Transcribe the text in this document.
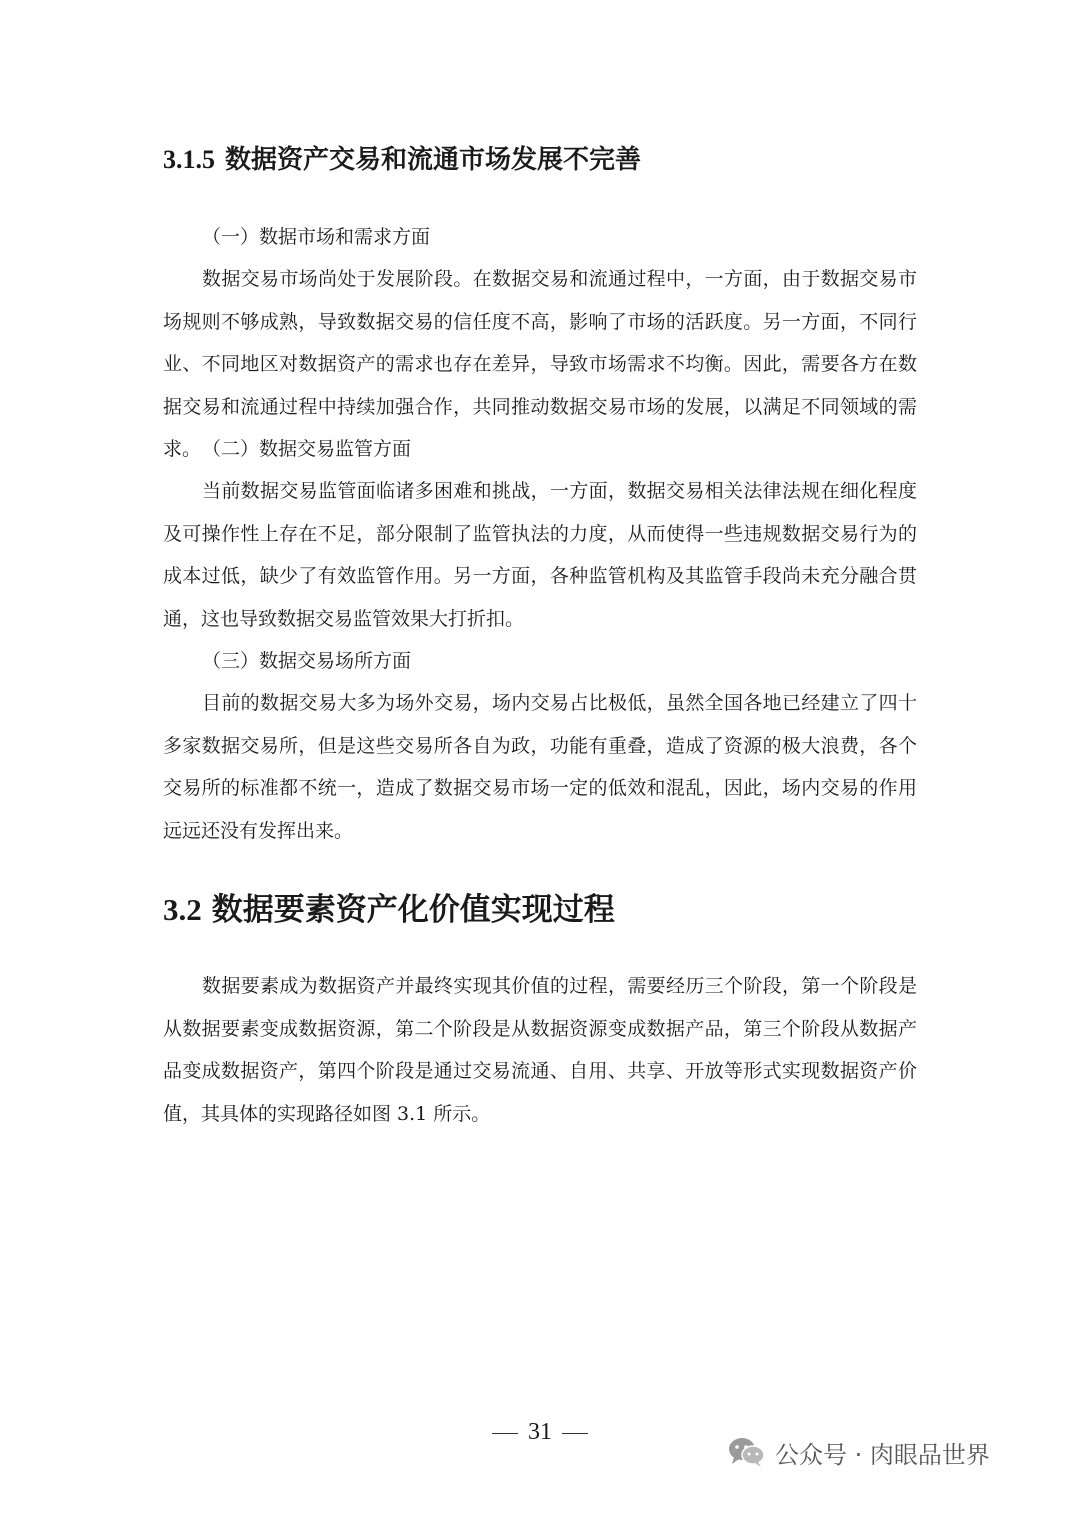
3.1.5 数据资产交易和流通市场发展不完善

（一）数据市场和需求方面

数据交易市场尚处于发展阶段。在数据交易和流通过程中，一方面，由于数据交易市场规则不够成熟，导致数据交易的信任度不高，影响了市场的活跃度。另一方面，不同行业、不同地区对数据资产的需求也存在差异，导致市场需求不均衡。因此，需要各方在数据交易和流通过程中持续加强合作，共同推动数据交易市场的发展，以满足不同领域的需求。 （二）数据交易监管方面

当前数据交易监管面临诸多困难和挑战，一方面，数据交易相关法律法规在细化程度及可操作性上存在不足，部分限制了监管执法的力度，从而使得一些违规数据交易行为的成本过低，缺少了有效监管作用。另一方面，各种监管机构及其监管手段尚未充分融合贯通，这也导致数据交易监管效果大打折扣。

（三）数据交易场所方面

目前的数据交易大多为场外交易，场内交易占比极低，虽然全国各地已经建立了四十多家数据交易所，但是这些交易所各自为政，功能有重叠，造成了资源的极大浪费，各个交易所的标准都不统一，造成了数据交易市场一定的低效和混乱，因此，场内交易的作用远远还没有发挥出来。

3.2 数据要素资产化价值实现过程

数据要素成为数据资产并最终实现其价值的过程，需要经历三个阶段，第一个阶段是从数据要素变成数据资源，第二个阶段是从数据资源变成数据产品，第三个阶段从数据产品变成数据资产，第四个阶段是通过交易流通、自用、共享、开放等形式实现数据资产价值，其具体的实现路径如图 3.1 所示。

31
公众号 · 肉眼品世界
